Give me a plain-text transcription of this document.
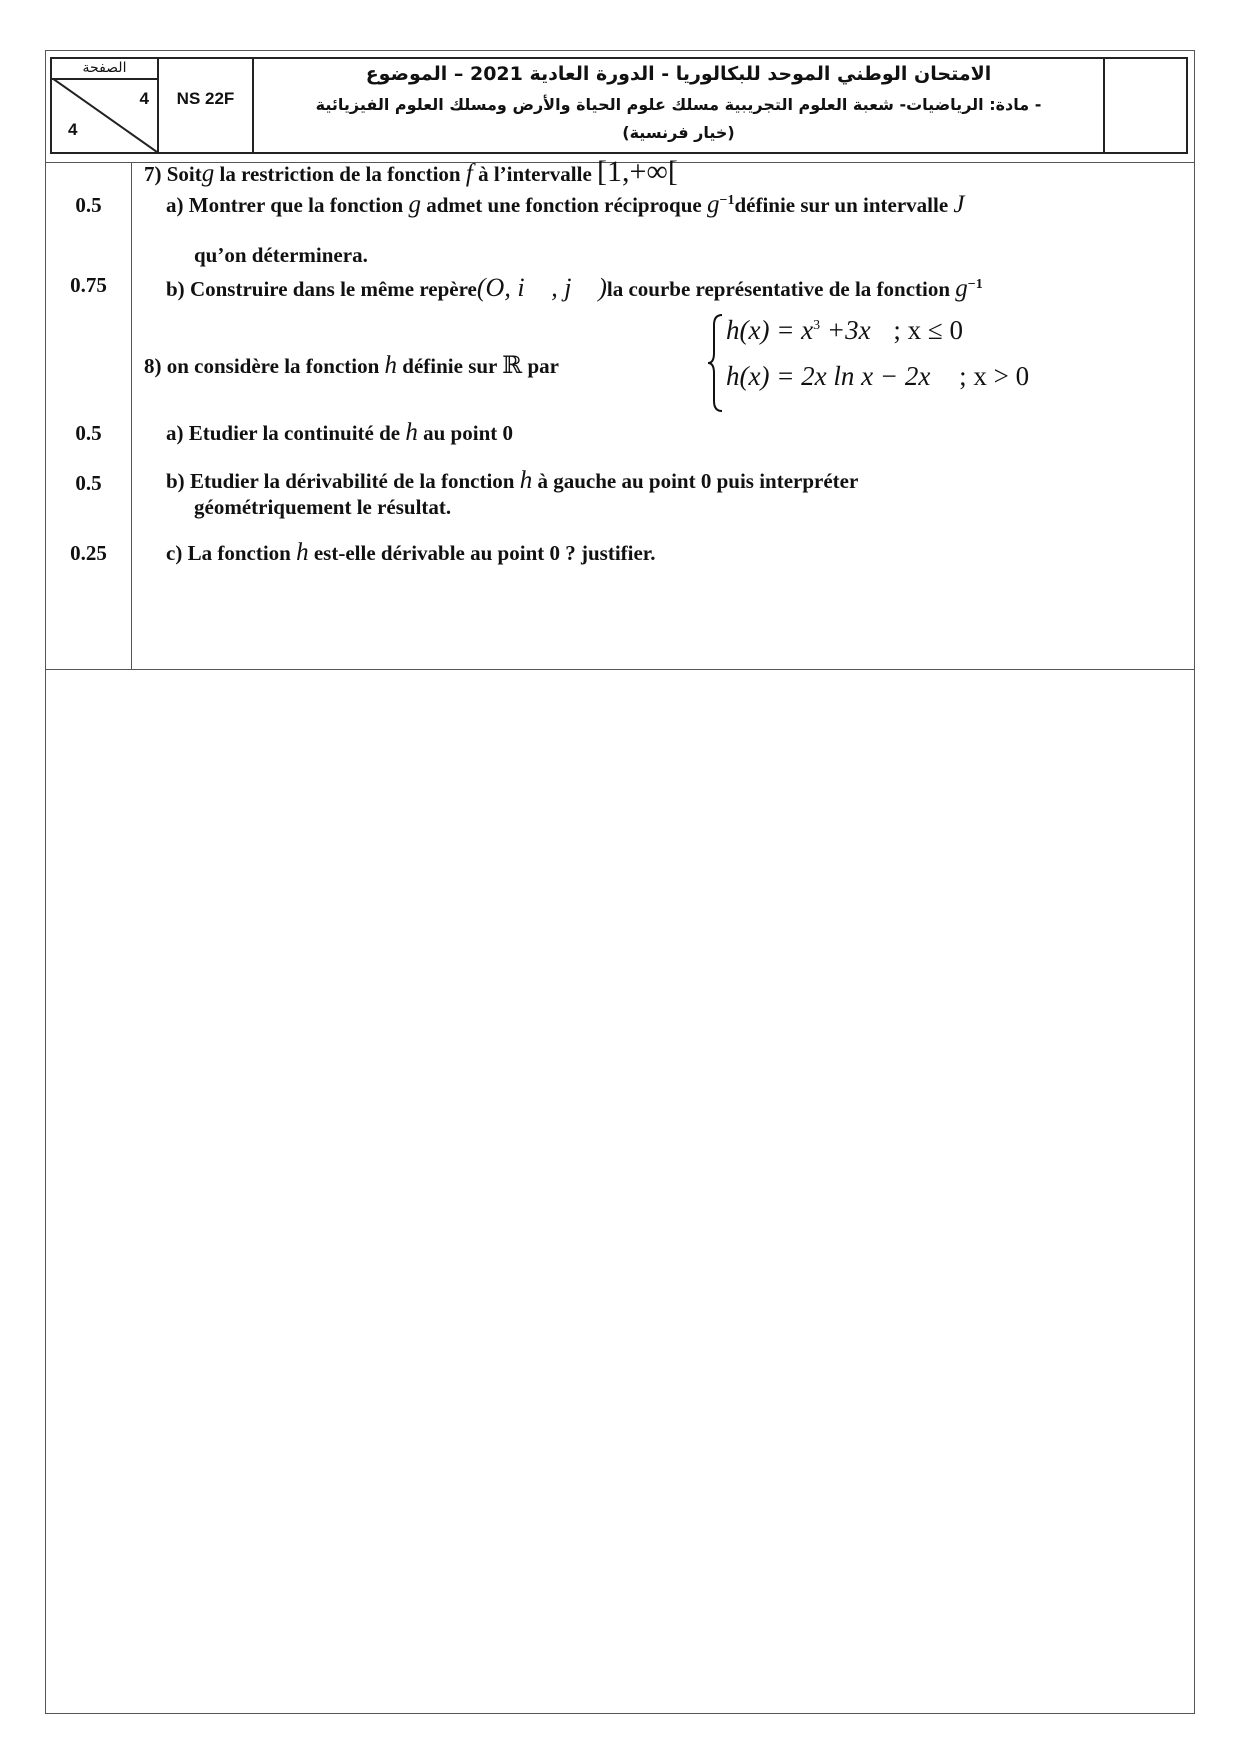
الصفحة
4
4
NS 22F
الامتحان الوطني الموحد للبكالوريا - الدورة العادية 2021 – الموضوع
- مادة: الرياضيات- شعبة العلوم التجريبية مسلك علوم الحياة والأرض ومسلك العلوم الفيزيائية
(خيار فرنسية)
0.5
0.75
0.5
0.5
0.25
7) Soitg la restriction de la fonction f à l’intervalle [1,+∞[
a) Montrer que la fonction g admet une fonction réciproque $g^{-1}définie$ sur un intervalle J
qu’on déterminera.
b) Construire dans le même repère(O, i⃗ , j⃗ )la courbe représentative de la fonction $g^{-1}$
8) on considère la fonction h définie sur ℝ par
$h(x) = x^3 +3x$ ; x ≤ 0
h(x) = 2x ln x − 2x ; x > 0
a) Etudier la continuité de h au point 0
b) Etudier la dérivabilité de la fonction h à gauche au point 0 puis interpréter
géométriquement le résultat.
c) La fonction h est-elle dérivable au point 0 ? justifier.
